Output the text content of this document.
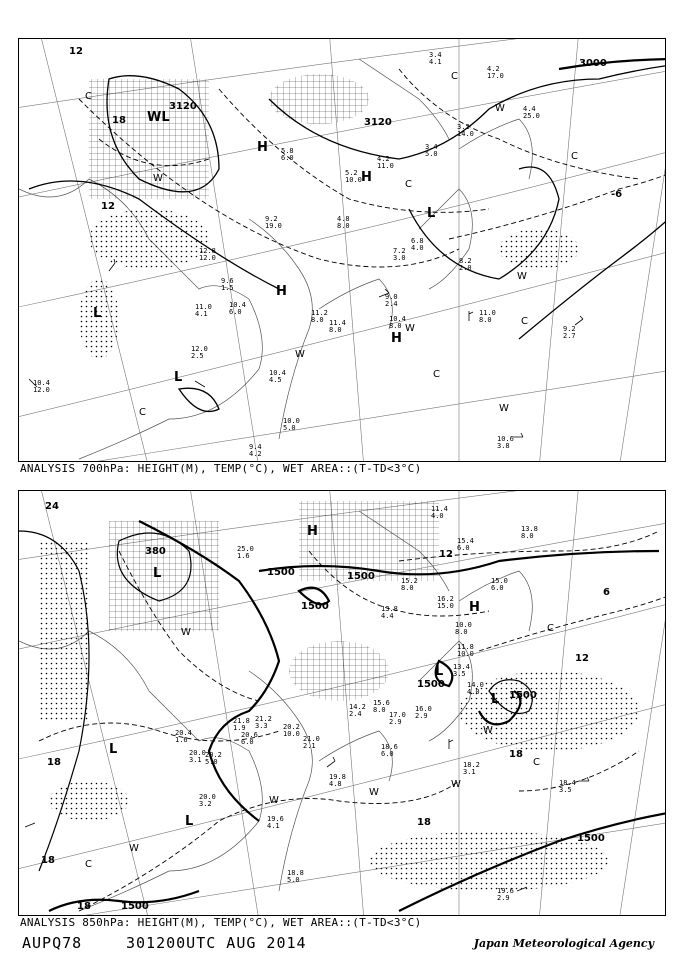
3000
3120
3120
12
18
12
-6
H
H
H
H
L
L
L
WL
W
W
W
W
W
W
C
C
C
C
C
C
C
3.4
4.1
4.2
17.0
4.4
25.0
3.2
14.0
3.4
5.0
4.2
11.0
5.2
10.0
5.8
6.0
9.2
19.0
4.8
8.0
7.2
3.0
6.8
4.0
8.2
2.0
9.6
1.5
10.4
6.0	11.2
8.0 11.4
8.0
9.0
2.4
10.4
8.0
11.0
8.0
9.2
2.7
12.0
2.5
10.4
4.5
10.0
5.0
9.4
4.2
10.4
12.0
10.6
3.8
12.8
12.0
11.0
4.1
ANALYSIS 700hPa: HEIGHT(M), TEMP(°C), WET AREA::(T-TD<3°C)
1500	1500
1500
1500
1500
1500
1500
380
24
18
18
18
18
18
12
12
6
H
H
L
L
L
L
L
W
W
W
W
W
W
C
C
C
11.4
4.0
13.8
8.0
15.4
6.0
15.0
6.0
16.2
15.0
15.2
8.0
13.8
4.4
10.0
8.0
11.8
10.0
13.4
3.5
14.0
4.0
16.0
2.9
17.0
2.9
14.2
2.4
15.6
8.0
18.6
6.0
19.8
4.8
20.4
1.6
21.8
1.9
20.6
6.0
20.2
5.0
20.0
3.2
19.6
4.1
18.2
3.1
18.4
3.5
19.6
2.9
18.8
5.0
20.0
3.1
25.0
1.6
20.2
10.0
21.2
3.3
21.0
2.1
ANALYSIS 850hPa: HEIGHT(M), TEMP(°C), WET AREA::(T-TD<3°C)
AUPQ78	301200UTC AUG 2014	Japan Meteorological Agency
